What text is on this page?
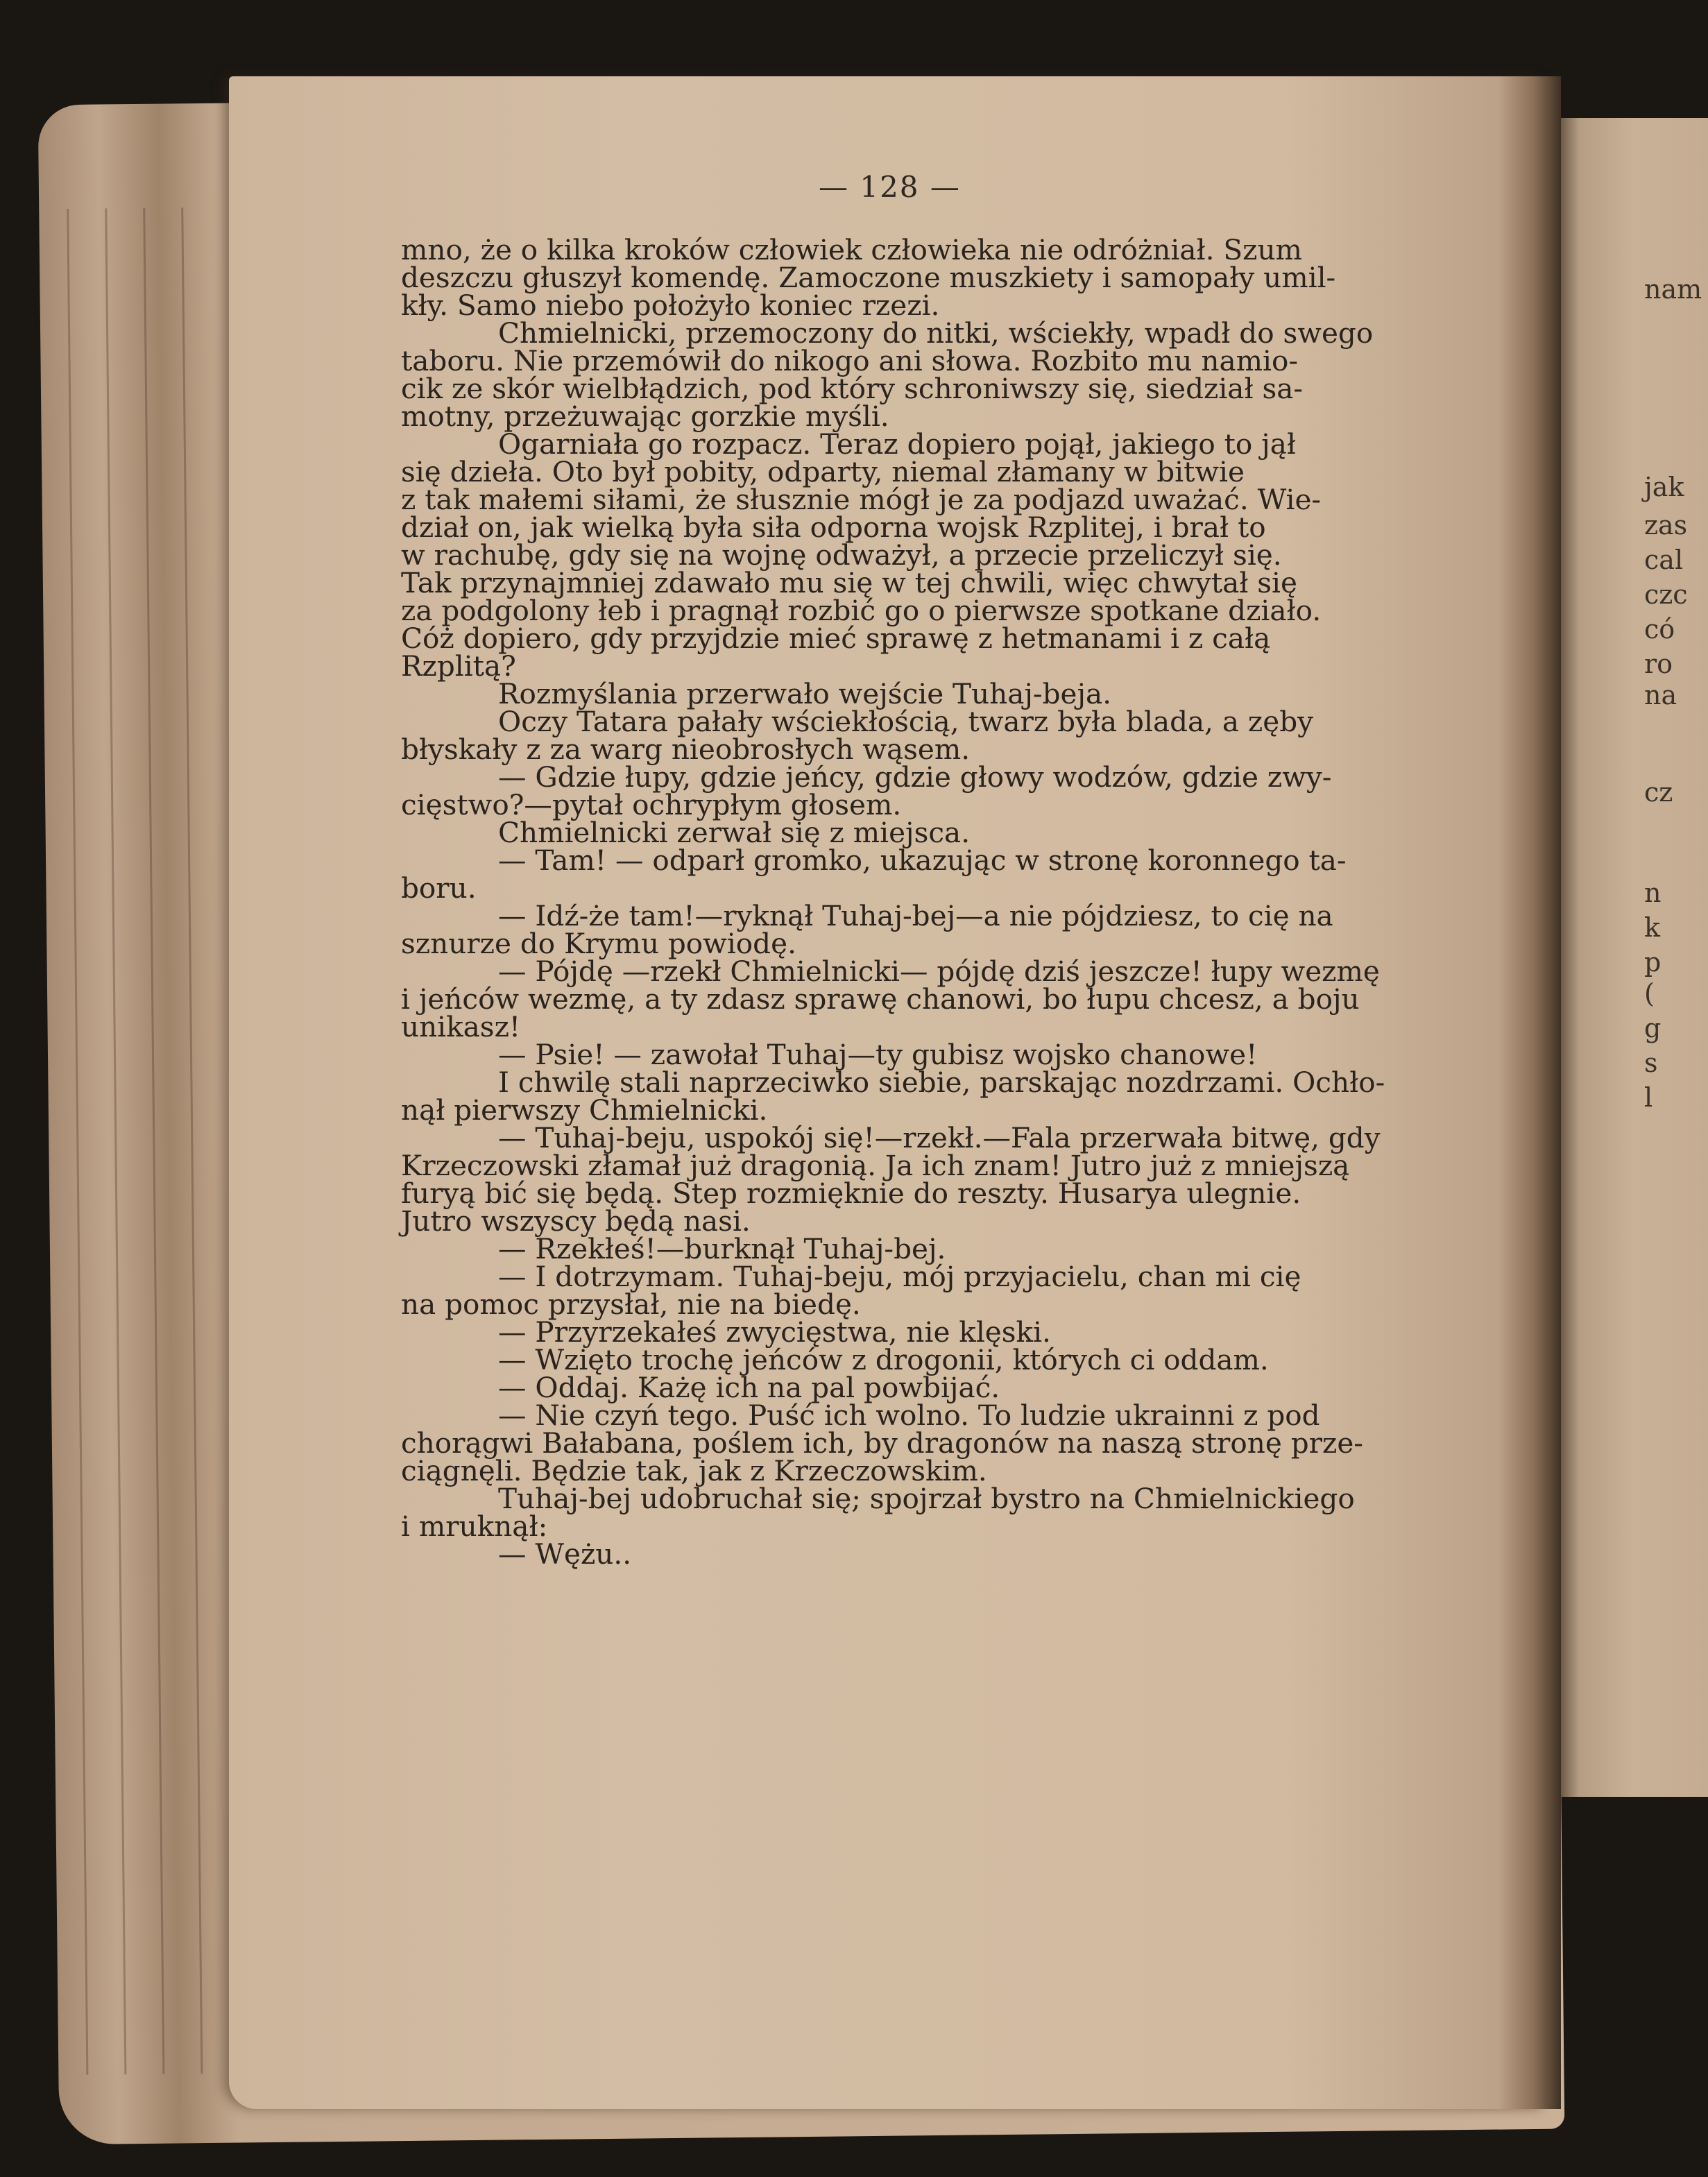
nam
jak
zas
cal
czc
có
ro
na
cz
n
k
p
(
g
s
l
— 128 —

mno, że o kilka kroków człowiek człowieka nie odróżniał. Szum

deszczu głuszył komendę. Zamoczone muszkiety i samopały umil-

kły. Samo niebo położyło koniec rzezi.

Chmielnicki, przemoczony do nitki, wściekły, wpadł do swego

taboru. Nie przemówił do nikogo ani słowa. Rozbito mu namio-

cik ze skór wielbłądzich, pod który schroniwszy się, siedział sa-

motny, przeżuwając gorzkie myśli.

Ogarniała go rozpacz. Teraz dopiero pojął, jakiego to jął

się dzieła. Oto był pobity, odparty, niemal złamany w bitwie

z tak małemi siłami, że słusznie mógł je za podjazd uważać. Wie-

dział on, jak wielką była siła odporna wojsk Rzplitej, i brał to

w rachubę, gdy się na wojnę odważył, a przecie przeliczył się.

Tak przynajmniej zdawało mu się w tej chwili, więc chwytał się

za podgolony łeb i pragnął rozbić go o pierwsze spotkane działo.

Cóż dopiero, gdy przyjdzie mieć sprawę z hetmanami i z całą

Rzplitą?

Rozmyślania przerwało wejście Tuhaj-beja.

Oczy Tatara pałały wściekłością, twarz była blada, a zęby

błyskały z za warg nieobrosłych wąsem.

— Gdzie łupy, gdzie jeńcy, gdzie głowy wodzów, gdzie zwy-

cięstwo?—pytał ochrypłym głosem.

Chmielnicki zerwał się z miejsca.

— Tam! — odparł gromko, ukazując w stronę koronnego ta-

boru.

— Idź-że tam!—ryknął Tuhaj-bej—a nie pójdziesz, to cię na

sznurze do Krymu powiodę.

— Pójdę —rzekł Chmielnicki— pójdę dziś jeszcze! łupy wezmę

i jeńców wezmę, a ty zdasz sprawę chanowi, bo łupu chcesz, a boju

unikasz!

— Psie! — zawołał Tuhaj—ty gubisz wojsko chanowe!

I chwilę stali naprzeciwko siebie, parskając nozdrzami. Ochło-

nął pierwszy Chmielnicki.

— Tuhaj-beju, uspokój się!—rzekł.—Fala przerwała bitwę, gdy

Krzeczowski złamał już dragonią. Ja ich znam! Jutro już z mniejszą

furyą bić się będą. Step rozmięknie do reszty. Husarya ulegnie.

Jutro wszyscy będą nasi.

— Rzekłeś!—burknął Tuhaj-bej.

— I dotrzymam. Tuhaj-beju, mój przyjacielu, chan mi cię

na pomoc przysłał, nie na biedę.

— Przyrzekałeś zwycięstwa, nie klęski.

— Wzięto trochę jeńców z drogonii, których ci oddam.

— Oddaj. Każę ich na pal powbijać.

— Nie czyń tego. Puść ich wolno. To ludzie ukrainni z pod

chorągwi Bałabana, poślem ich, by dragonów na naszą stronę prze-

ciągnęli. Będzie tak, jak z Krzeczowskim.

Tuhaj-bej udobruchał się; spojrzał bystro na Chmielnickiego

i mruknął:

— Wężu..
